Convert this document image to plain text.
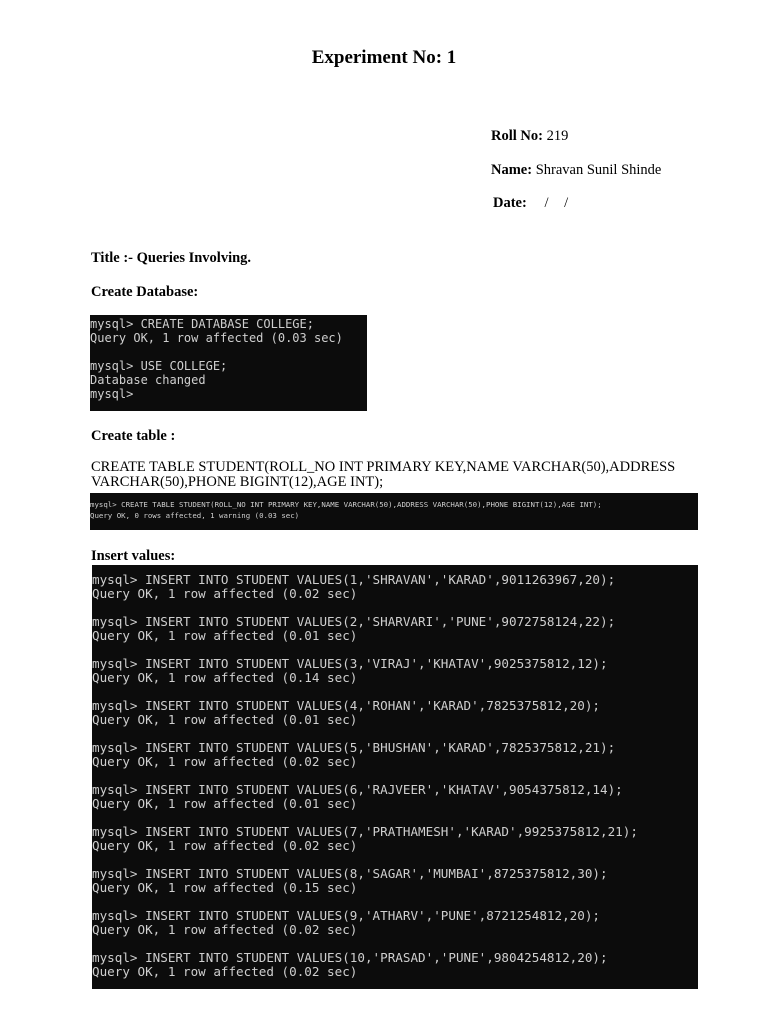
Experiment No: 1
Roll No: 219
Name: Shravan Sunil Shinde
Date: / /
Title :- Queries Involving.
Create Database:
mysql> CREATE DATABASE COLLEGE;
Query OK, 1 row affected (0.03 sec)
mysql> USE COLLEGE;
Database changed
mysql>
Create table :
CREATE TABLE STUDENT(ROLL_NO INT PRIMARY KEY,NAME VARCHAR(50),ADDRESS VARCHAR(50),PHONE BIGINT(12),AGE INT);
mysql> CREATE TABLE STUDENT(ROLL_NO INT PRIMARY KEY,NAME VARCHAR(50),ADDRESS VARCHAR(50),PHONE BIGINT(12),AGE INT);
Query OK, 0 rows affected, 1 warning (0.03 sec)
Insert values:
mysql> INSERT INTO STUDENT VALUES(1,'SHRAVAN','KARAD',9011263967,20);
Query OK, 1 row affected (0.02 sec)
mysql> INSERT INTO STUDENT VALUES(2,'SHARVARI','PUNE',9072758124,22);
Query OK, 1 row affected (0.01 sec)
mysql> INSERT INTO STUDENT VALUES(3,'VIRAJ','KHATAV',9025375812,12);
Query OK, 1 row affected (0.14 sec)
mysql> INSERT INTO STUDENT VALUES(4,'ROHAN','KARAD',7825375812,20);
Query OK, 1 row affected (0.01 sec)
mysql> INSERT INTO STUDENT VALUES(5,'BHUSHAN','KARAD',7825375812,21);
Query OK, 1 row affected (0.02 sec)
mysql> INSERT INTO STUDENT VALUES(6,'RAJVEER','KHATAV',9054375812,14);
Query OK, 1 row affected (0.01 sec)
mysql> INSERT INTO STUDENT VALUES(7,'PRATHAMESH','KARAD',9925375812,21);
Query OK, 1 row affected (0.02 sec)
mysql> INSERT INTO STUDENT VALUES(8,'SAGAR','MUMBAI',8725375812,30);
Query OK, 1 row affected (0.15 sec)
mysql> INSERT INTO STUDENT VALUES(9,'ATHARV','PUNE',8721254812,20);
Query OK, 1 row affected (0.02 sec)
mysql> INSERT INTO STUDENT VALUES(10,'PRASAD','PUNE',9804254812,20);
Query OK, 1 row affected (0.02 sec)
